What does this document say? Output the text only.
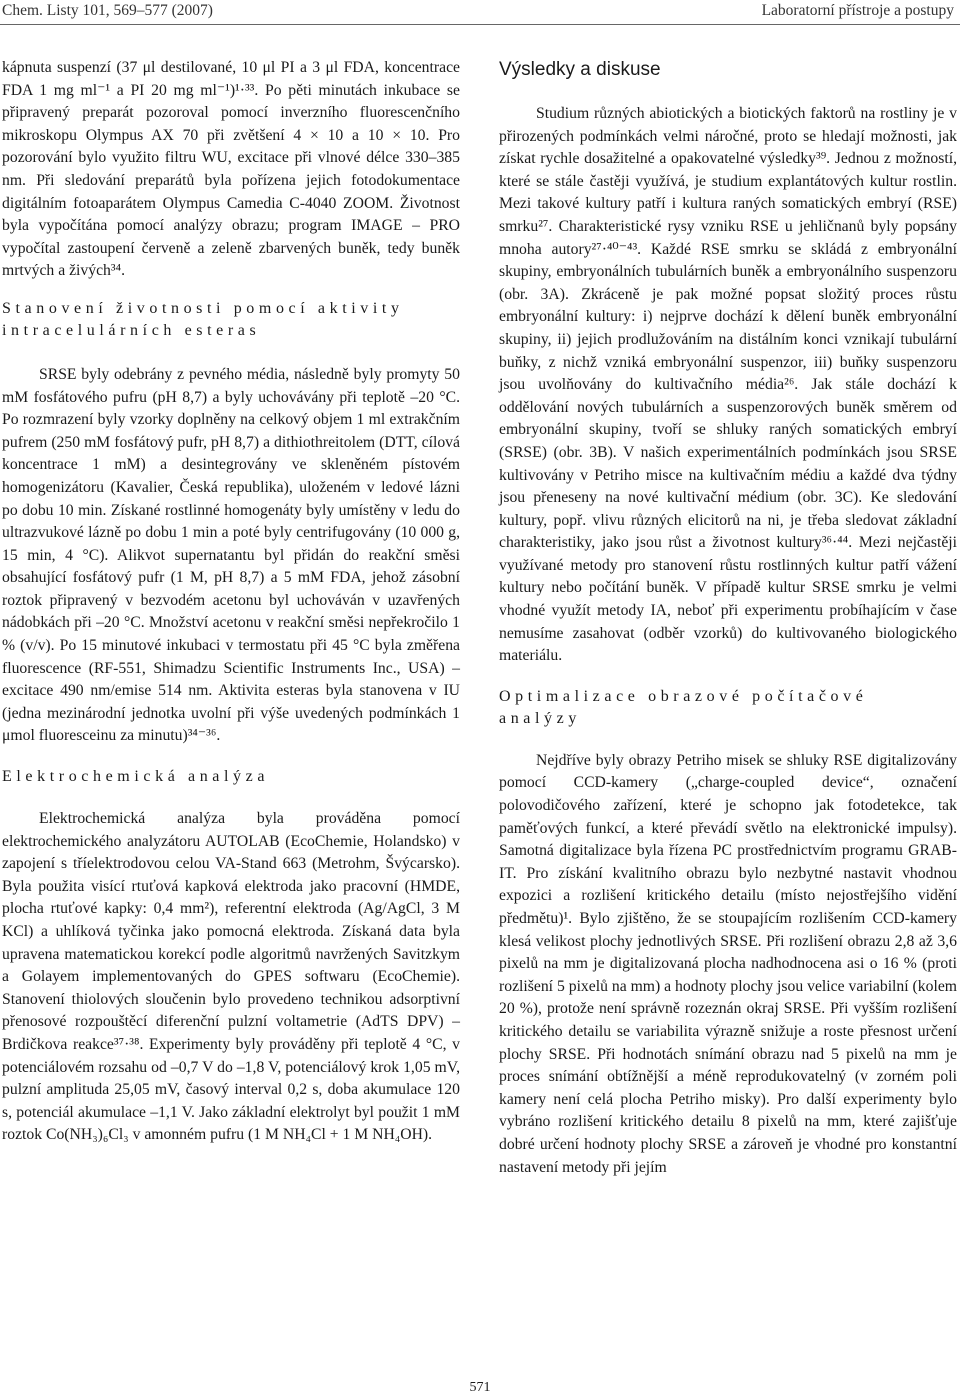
Chem. Listy 101, 569–577 (2007)	Laboratorní přístroje a postupy

kápnuta suspenzí (37 μl destilované, 10 μl PI a 3 μl FDA, koncentrace FDA 1 mg ml⁻¹ a PI 20 mg ml⁻¹)¹·³³. Po pěti minutách inkubace se připravený preparát pozoroval pomocí inverzního fluorescenčního mikroskopu Olympus AX 70 při zvětšení 4 × 10 a 10 × 10. Pro pozorování bylo využito filtru WU, excitace při vlnové délce 330–385 nm. Při sledování preparátů byla pořízena jejich fotodokumentace digitálním fotoaparátem Olympus Camedia C-4040 ZOOM. Životnost byla vypočítána pomocí analýzy obrazu; program IMAGE – PRO vypočítal zastoupení červeně a zeleně zbarvených buněk, tedy buněk mrtvých a živých³⁴.

Stanovení životnosti pomocí aktivity intracelulárních esteras

SRSE byly odebrány z pevného média, následně byly promyty 50 mM fosfátového pufru (pH 8,7) a byly uchovávány při teplotě –20 °C. Po rozmrazení byly vzorky doplněny na celkový objem 1 ml extrakčním pufrem (250 mM fosfátový pufr, pH 8,7) a dithiothreitolem (DTT, cílová koncentrace 1 mM) a desintegrovány ve skleněném pístovém homogenizátoru (Kavalier, Česká republika), uloženém v ledové lázni po dobu 10 min. Získané rostlinné homogenáty byly umístěny v ledu do ultrazvukové lázně po dobu 1 min a poté byly centrifugovány (10 000 g, 15 min, 4 °C). Alikvot supernatantu byl přidán do reakční směsi obsahující fosfátový pufr (1 M, pH 8,7) a 5 mM FDA, jehož zásobní roztok připravený v bezvodém acetonu byl uchováván v uzavřených nádobkách při –20 °C. Množství acetonu v reakční směsi nepřekročilo 1 % (v/v). Po 15 minutové inkubaci v termostatu při 45 °C byla změřena fluorescence (RF-551, Shimadzu Scientific Instruments Inc., USA) – excitace 490 nm/emise 514 nm. Aktivita esteras byla stanovena v IU (jedna mezinárodní jednotka uvolní při výše uvedených podmínkách 1 μmol fluoresceinu za minutu)³⁴⁻³⁶.

Elektrochemická analýza

Elektrochemická analýza byla prováděna pomocí elektrochemického analyzátoru AUTOLAB (EcoChemie, Holandsko) v zapojení s tříelektrodovou celou VA-Stand 663 (Metrohm, Švýcarsko). Byla použita visící rtuťová kapková elektroda jako pracovní (HMDE, plocha rtuťové kapky: 0,4 mm²), referentní elektroda (Ag/AgCl, 3 M KCl) a uhlíková tyčinka jako pomocná elektroda. Získaná data byla upravena matematickou korekcí podle algoritmů navržených Savitzkym a Golayem implementovaných do GPES softwaru (EcoChemie). Stanovení thiolových sloučenin bylo provedeno technikou adsorptivní přenosové rozpouštěcí diferenční pulzní voltametrie (AdTS DPV) – Brdičkova reakce³⁷·³⁸. Experimenty byly prováděny při teplotě 4 °C, v potenciálovém rozsahu od –0,7 V do –1,8 V, potenciálový krok 1,05 mV, pulzní amplituda 25,05 mV, časový interval 0,2 s, doba akumulace 120 s, potenciál akumulace –1,1 V. Jako základní elektrolyt byl použit 1 mM roztok Co(NH₃)₆Cl₃ v amonném pufru (1 M NH₄Cl + 1 M NH₄OH).

Výsledky a diskuse

Studium různých abiotických a biotických faktorů na rostliny je v přirozených podmínkách velmi náročné, proto se hledají možnosti, jak získat rychle dosažitelné a opakovatelné výsledky³⁹. Jednou z možností, které se stále častěji využívá, je studium explantátových kultur rostlin. Mezi takové kultury patří i kultura raných somatických embryí (RSE) smrku²⁷. Charakteristické rysy vzniku RSE u jehličnanů byly popsány mnoha autory²⁷·⁴⁰⁻⁴³. Každé RSE smrku se skládá z embryonální skupiny, embryonálních tubulárních buněk a embryonálního suspenzoru (obr. 3A). Zkráceně je pak možné popsat složitý proces růstu embryonální kultury: i) nejprve dochází k dělení buněk embryonální skupiny, ii) jejich prodlužováním na distálním konci vznikají tubulární buňky, z nichž vzniká embryonální suspenzor, iii) buňky suspenzoru jsou uvolňovány do kultivačního média²⁶. Jak stále dochází k oddělování nových tubulárních a suspenzorových buněk směrem od embryonální skupiny, tvoří se shluky raných somatických embryí (SRSE) (obr. 3B). V našich experimentálních podmínkách jsou SRSE kultivovány v Petriho misce na kultivačním médiu a každé dva týdny jsou přeneseny na nové kultivační médium (obr. 3C). Ke sledování kultury, popř. vlivu různých elicitorů na ni, je třeba sledovat základní charakteristiky, jako jsou růst a životnost kultury³⁶·⁴⁴. Mezi nejčastěji využívané metody pro stanovení růstu rostlinných kultur patří vážení kultury nebo počítání buněk. V případě kultur SRSE smrku je velmi vhodné využít metody IA, neboť při experimentu probíhajícím v čase nemusíme zasahovat (odběr vzorků) do kultivovaného biologického materiálu.

Optimalizace obrazové počítačové analýzy

Nejdříve byly obrazy Petriho misek se shluky RSE digitalizovány pomocí CCD-kamery („charge-coupled device“, označení polovodičového zařízení, které je schopno jak fotodetekce, tak paměťových funkcí, a které převádí světlo na elektronické impulsy). Samotná digitalizace byla řízena PC prostřednictvím programu GRAB-IT. Pro získání kvalitního obrazu bylo nezbytné nastavit vhodnou expozici a rozlišení kritického detailu (místo nejostřejšího vidění předmětu)¹. Bylo zjištěno, že se stoupajícím rozlišením CCD-kamery klesá velikost plochy jednotlivých SRSE. Při rozlišení obrazu 2,8 až 3,6 pixelů na mm je digitalizovaná plocha nadhodnocena asi o 16 % (proti rozlišení 5 pixelů na mm) a hodnoty plochy jsou velice variabilní (kolem 20 %), protože není správně rozeznán okraj SRSE. Při vyšším rozlišení kritického detailu se variabilita výrazně snižuje a roste přesnost určení plochy SRSE. Při hodnotách snímání obrazu nad 5 pixelů na mm je proces snímání obtížnější a méně reprodukovatelný (v zorném poli kamery není celá plocha Petriho misky). Pro další experimenty bylo vybráno rozlišení kritického detailu 8 pixelů na mm, které zajišťuje dobré určení hodnoty plochy SRSE a zároveň je vhodné pro konstantní nastavení metody při jejím

571
